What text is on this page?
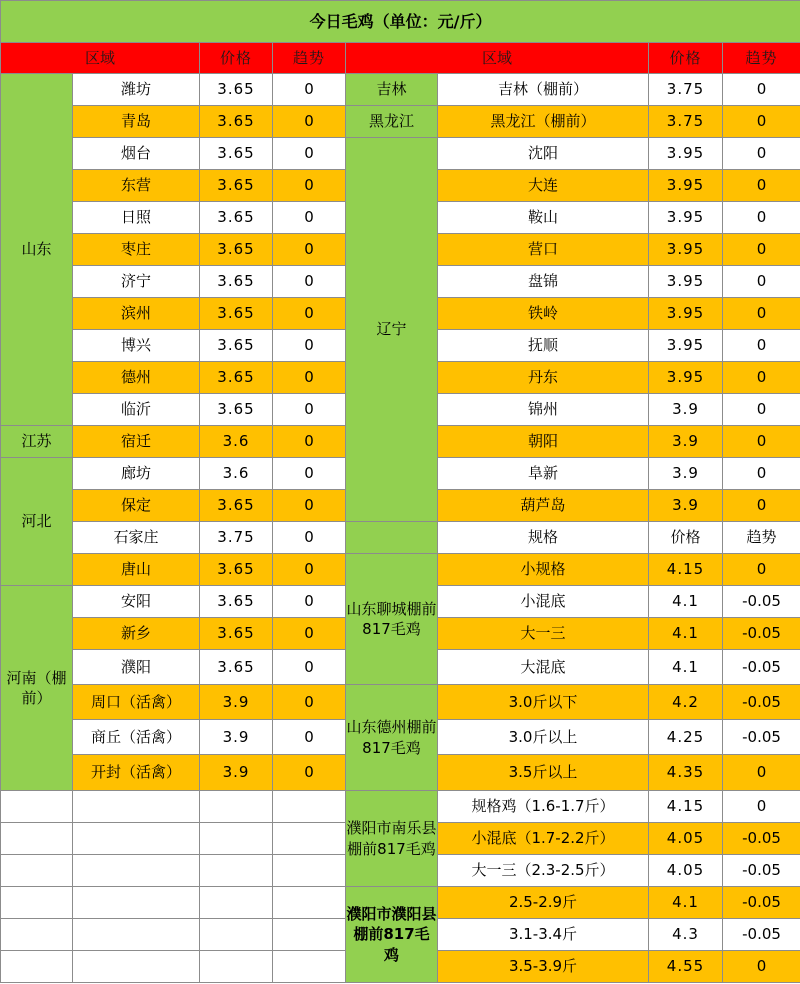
今日毛鸡（单位：元/斤）							
区域		价格	趋势	区域		价格	趋势
山东	潍坊	3.65	0	吉林	吉林（棚前）	3.75	0
	青岛	3.65	0	黑龙江	黑龙江（棚前）	3.75	0
	烟台	3.65	0	辽宁	沈阳	3.95	0
	东营	3.65	0		大连	3.95	0
	日照	3.65	0		鞍山	3.95	0
	枣庄	3.65	0		营口	3.95	0
	济宁	3.65	0		盘锦	3.95	0
	滨州	3.65	0		铁岭	3.95	0
	博兴	3.65	0		抚顺	3.95	0
	德州	3.65	0		丹东	3.95	0
	临沂	3.65	0		锦州	3.9	0
江苏	宿迁	3.6	0		朝阳	3.9	0
河北	廊坊	3.6	0		阜新	3.9	0
	保定	3.65	0		葫芦岛	3.9	0
	石家庄	3.75	0		规格	价格	趋势
	唐山	3.65	0	山东聊城棚前817毛鸡	小规格	4.15	0
河南（棚前）	安阳	3.65	0		小混底	4.1	-0.05
	新乡	3.65	0		大一三	4.1	-0.05
	濮阳	3.65	0		大混底	4.1	-0.05
	周口（活禽）	3.9	0	山东德州棚前817毛鸡	3.0斤以下	4.2	-0.05
	商丘（活禽）	3.9	0		3.0斤以上	4.25	-0.05
	开封（活禽）	3.9	0		3.5斤以上	4.35	0
				濮阳市南乐县棚前817毛鸡	规格鸡（1.6-1.7斤）	4.15	0
					小混底（1.7-2.2斤）	4.05	-0.05
					大一三（2.3-2.5斤）	4.05	-0.05
				濮阳市濮阳县棚前817毛鸡	2.5-2.9斤	4.1	-0.05
					3.1-3.4斤	4.3	-0.05
					3.5-3.9斤	4.55	0
